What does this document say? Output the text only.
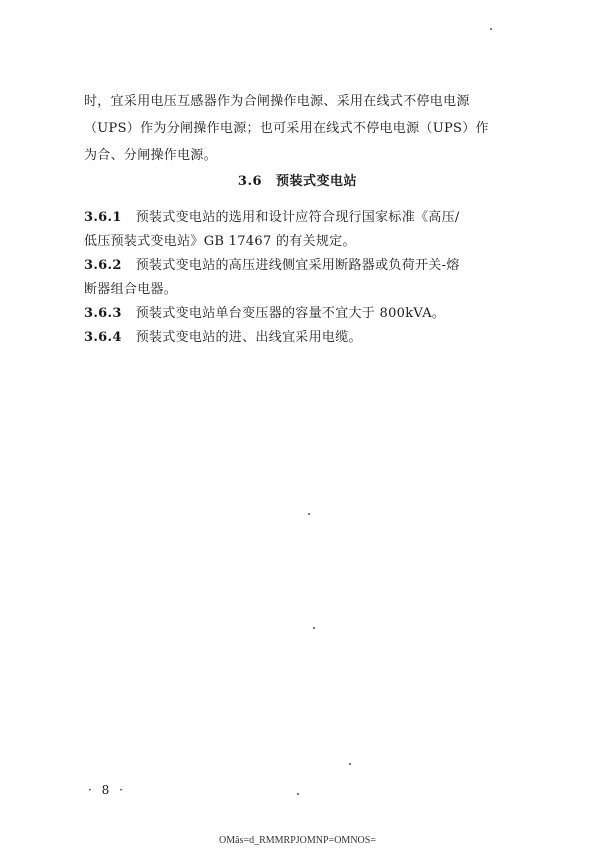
时，宜采用电压互感器作为合闸操作电源、采用在线式不停电电源
（UPS）作为分闸操作电源；也可采用在线式不停电电源（UPS）作
为合、分闸操作电源。
3.6 预装式变电站
3.6.1 预装式变电站的选用和设计应符合现行国家标准《高压/
低压预装式变电站》GB 17467 的有关规定。
3.6.2 预装式变电站的高压进线侧宜采用断路器或负荷开关-熔
断器组合电器。
3.6.3 预装式变电站单台变压器的容量不宜大于 800kVA。
3.6.4 预装式变电站的进、出线宜采用电缆。
· 8 ·
OMâs=d_RMMRPJOMNP=OMNOS=
